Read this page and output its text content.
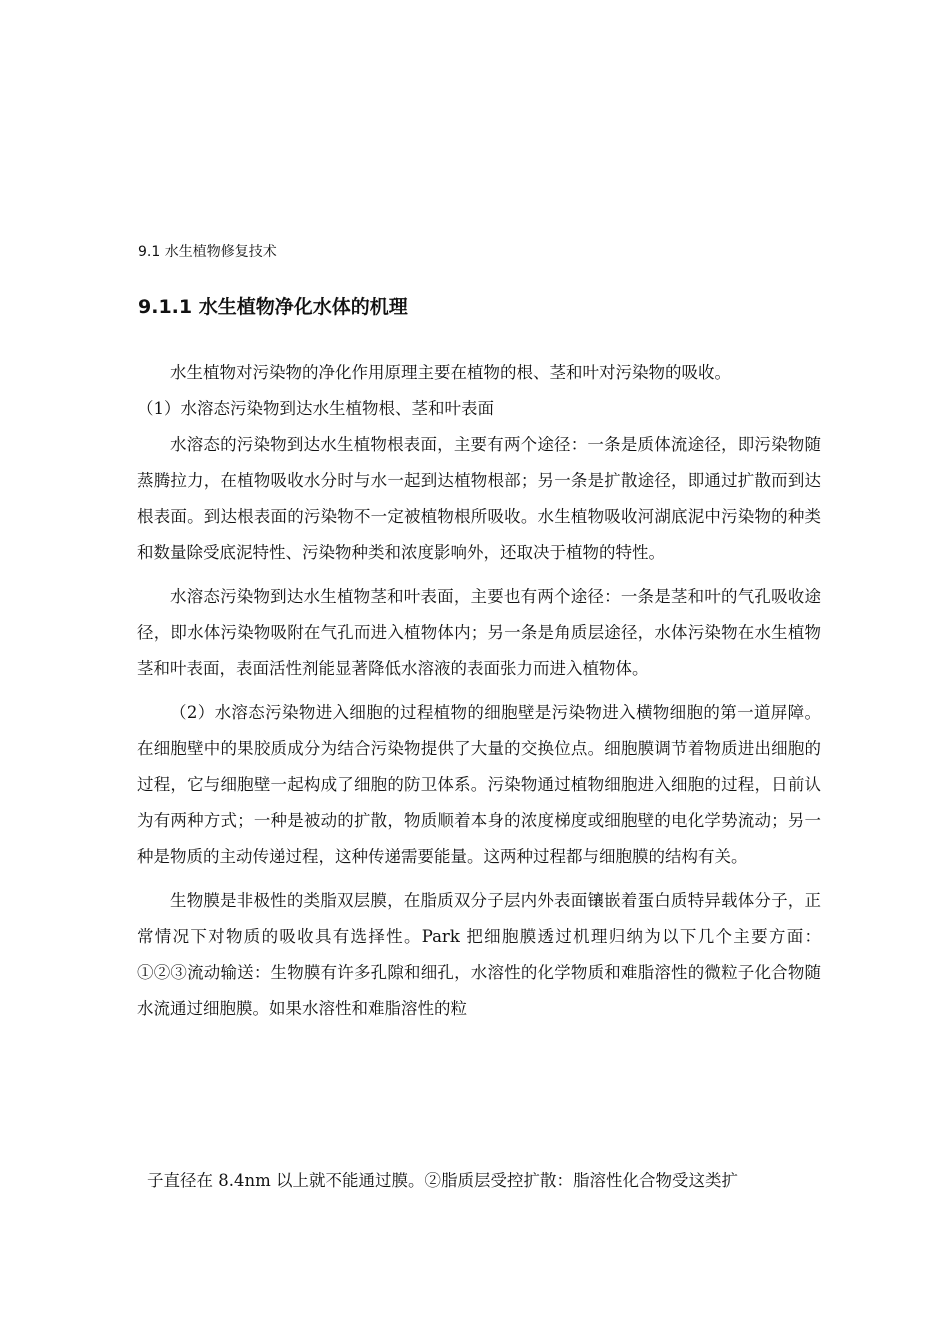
9.1 水生植物修复技术
9.1.1 水生植物净化水体的机理

水生植物对污染物的净化作用原理主要在植物的根、茎和叶对污染物的吸收。

（1）水溶态污染物到达水生植物根、茎和叶表面

水溶态的污染物到达水生植物根表面，主要有两个途径：一条是质体流途径，即污染物随蒸腾拉力，在植物吸收水分时与水一起到达植物根部；另一条是扩散途径，即通过扩散而到达根表面。到达根表面的污染物不一定被植物根所吸收。水生植物吸收河湖底泥中污染物的种类和数量除受底泥特性、污染物种类和浓度影响外，还取决于植物的特性。

水溶态污染物到达水生植物茎和叶表面，主要也有两个途径：一条是茎和叶的气孔吸收途径，即水体污染物吸附在气孔而进入植物体内；另一条是角质层途径，水体污染物在水生植物茎和叶表面，表面活性剂能显著降低水溶液的表面张力而进入植物体。

（2）水溶态污染物进入细胞的过程植物的细胞壁是污染物进入横物细胞的第一道屏障。在细胞壁中的果胶质成分为结合污染物提供了大量的交换位点。细胞膜调节着物质进出细胞的过程，它与细胞壁一起构成了细胞的防卫体系。污染物通过植物细胞进入细胞的过程，日前认为有两种方式；一种是被动的扩散，物质顺着本身的浓度梯度或细胞壁的电化学势流动；另一种是物质的主动传递过程，这种传递需要能量。这两种过程都与细胞膜的结构有关。

生物膜是非极性的类脂双层膜，在脂质双分子层内外表面镶嵌着蛋白质特异载体分子，正常情况下对物质的吸收具有选择性。Park 把细胞膜透过机理归纳为以下几个主要方面：①②③流动输送：生物膜有许多孔隙和细孔，水溶性的化学物质和难脂溶性的微粒子化合物随水流通过细胞膜。如果水溶性和难脂溶性的粒

子直径在 8.4nm 以上就不能通过膜。②脂质层受控扩散：脂溶性化合物受这类扩
